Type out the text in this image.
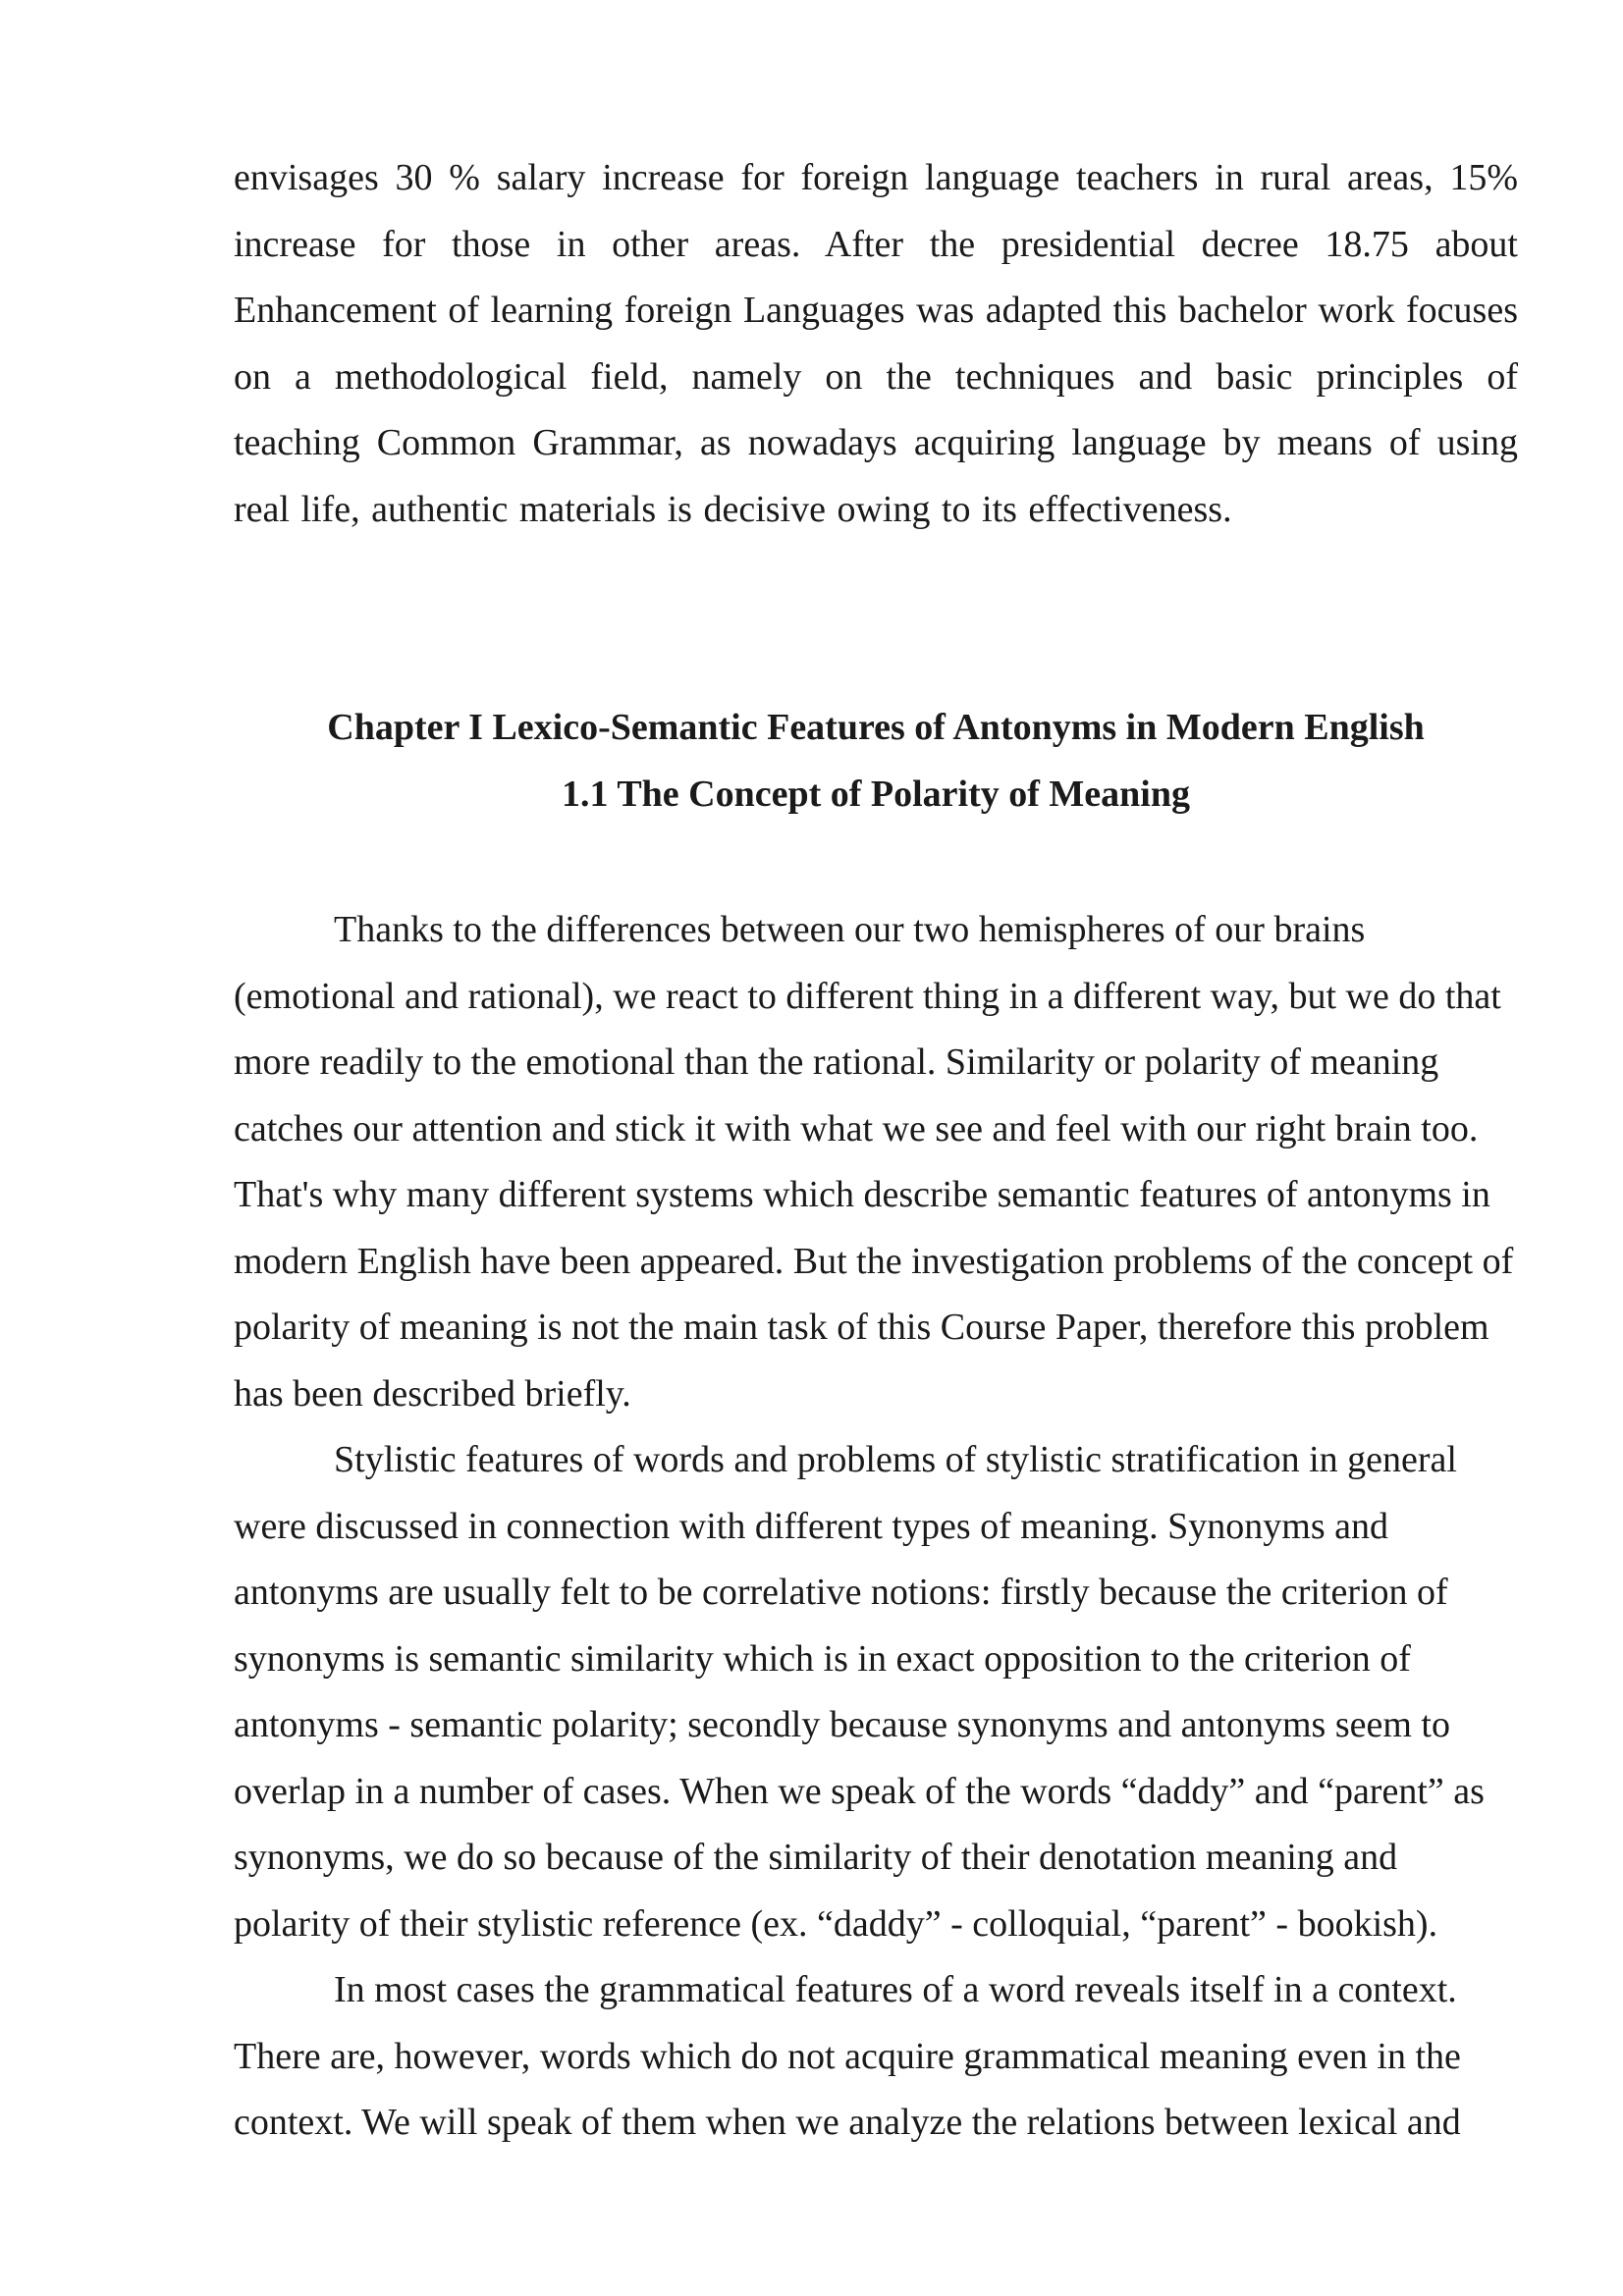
envisages 30 % salary increase for foreign language teachers in rural areas, 15% increase for those in other areas. After the presidential decree 18.75 about Enhancement of learning foreign Languages was adapted this bachelor work focuses on a methodological field, namely on the techniques and basic principles of teaching Common Grammar, as nowadays acquiring language by means of using real life, authentic materials is decisive owing to its effectiveness.

Chapter I Lexico-Semantic Features of Antonyms in Modern English

1.1 The Concept of Polarity of Meaning

Thanks to the differences between our two hemispheres of our brains (emotional and rational), we react to different thing in a different way, but we do that more readily to the emotional than the rational. Similarity or polarity of meaning catches our attention and stick it with what we see and feel with our right brain too. That's why many different systems which describe semantic features of antonyms in modern English have been appeared. But the investigation problems of the concept of polarity of meaning is not the main task of this Course Paper, therefore this problem has been described briefly.

Stylistic features of words and problems of stylistic stratification in general were discussed in connection with different types of meaning. Synonyms and antonyms are usually felt to be correlative notions: firstly because the criterion of synonyms is semantic similarity which is in exact opposition to the criterion of antonyms - semantic polarity; secondly because synonyms and antonyms seem to overlap in a number of cases. When we speak of the words “daddy” and “parent” as synonyms, we do so because of the similarity of their denotation meaning and polarity of their stylistic reference (ex. “daddy” - colloquial, “parent” - bookish).

In most cases the grammatical features of a word reveals itself in a context. There are, however, words which do not acquire grammatical meaning even in the context. We will speak of them when we analyze the relations between lexical and
